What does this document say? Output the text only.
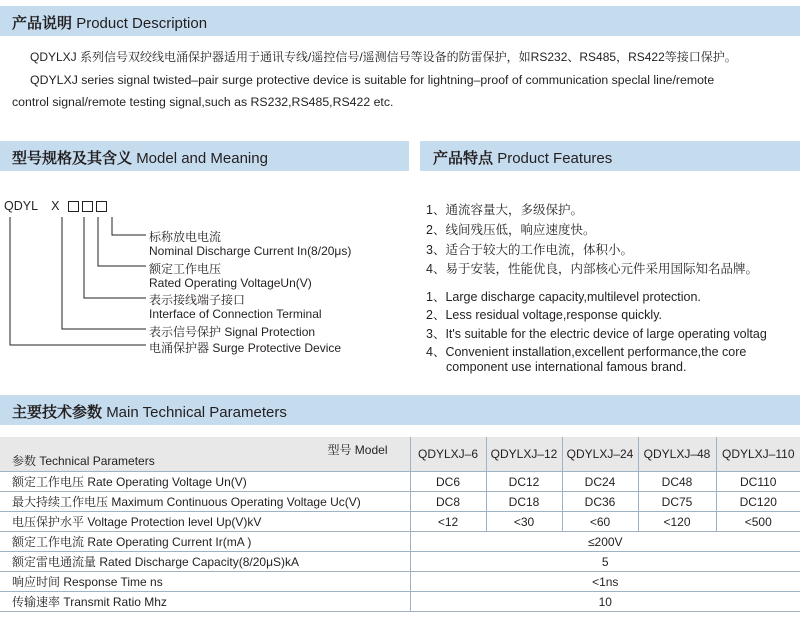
产品说明 Product Description
QDYLXJ 系列信号双绞线电涌保护器适用于通讯专线/遥控信号/遥测信号等设备的防雷保护，如RS232、RS485，RS422等接口保护。
QDYLXJ series signal twisted–pair surge protective device is suitable for lightning–proof of communication speclal line/remote
control signal/remote testing signal,such as RS232,RS485,RS422 etc.
型号规格及其含义 Model and Meaning	产品特点 Product Features
QDYL X
标称放电电流
Nominal Discharge Current In(8/20μs)
额定工作电压
Rated Operating VoltageUn(V)
表示接线端子接口
Interface of Connection Terminal
表示信号保护 Signal Protection
电涌保护器 Surge Protective Device
1、通流容量大，多级保护。
2、线间残压低，响应速度快。
3、适合于较大的工作电流，体积小。
4、易于安装，性能优良，内部核心元件采用国际知名品牌。
1、Large discharge capacity,multilevel protection.
2、Less residual voltage,response quickly.
3、It's suitable for the electric device of large operating voltag
4、Convenient installation,excellent performance,the core
component use international famous brand.
主要技术参数 Main Technical Parameters
型号 Model
参数 Technical Parameters	QDYLXJ–6	QDYLXJ–12	QDYLXJ–24	QDYLXJ–48	QDYLXJ–110
额定工作电压 Rate Operating Voltage Un(V)	DC6	DC12	DC24	DC48	DC110
最大持续工作电压 Maximum Continuous Operating Voltage Uc(V)	DC8	DC18	DC36	DC75	DC120
电压保护水平 Voltage Protection level Up(V)kV	<12	<30	<60	<120	<500
额定工作电流 Rate Operating Current Ir(mA )	≤200V				
额定雷电通流量 Rated Discharge Capacity(8/20μS)kA	5				
响应时间 Response Time ns	<1ns				
传输速率 Transmit Ratio Mhz	10				
